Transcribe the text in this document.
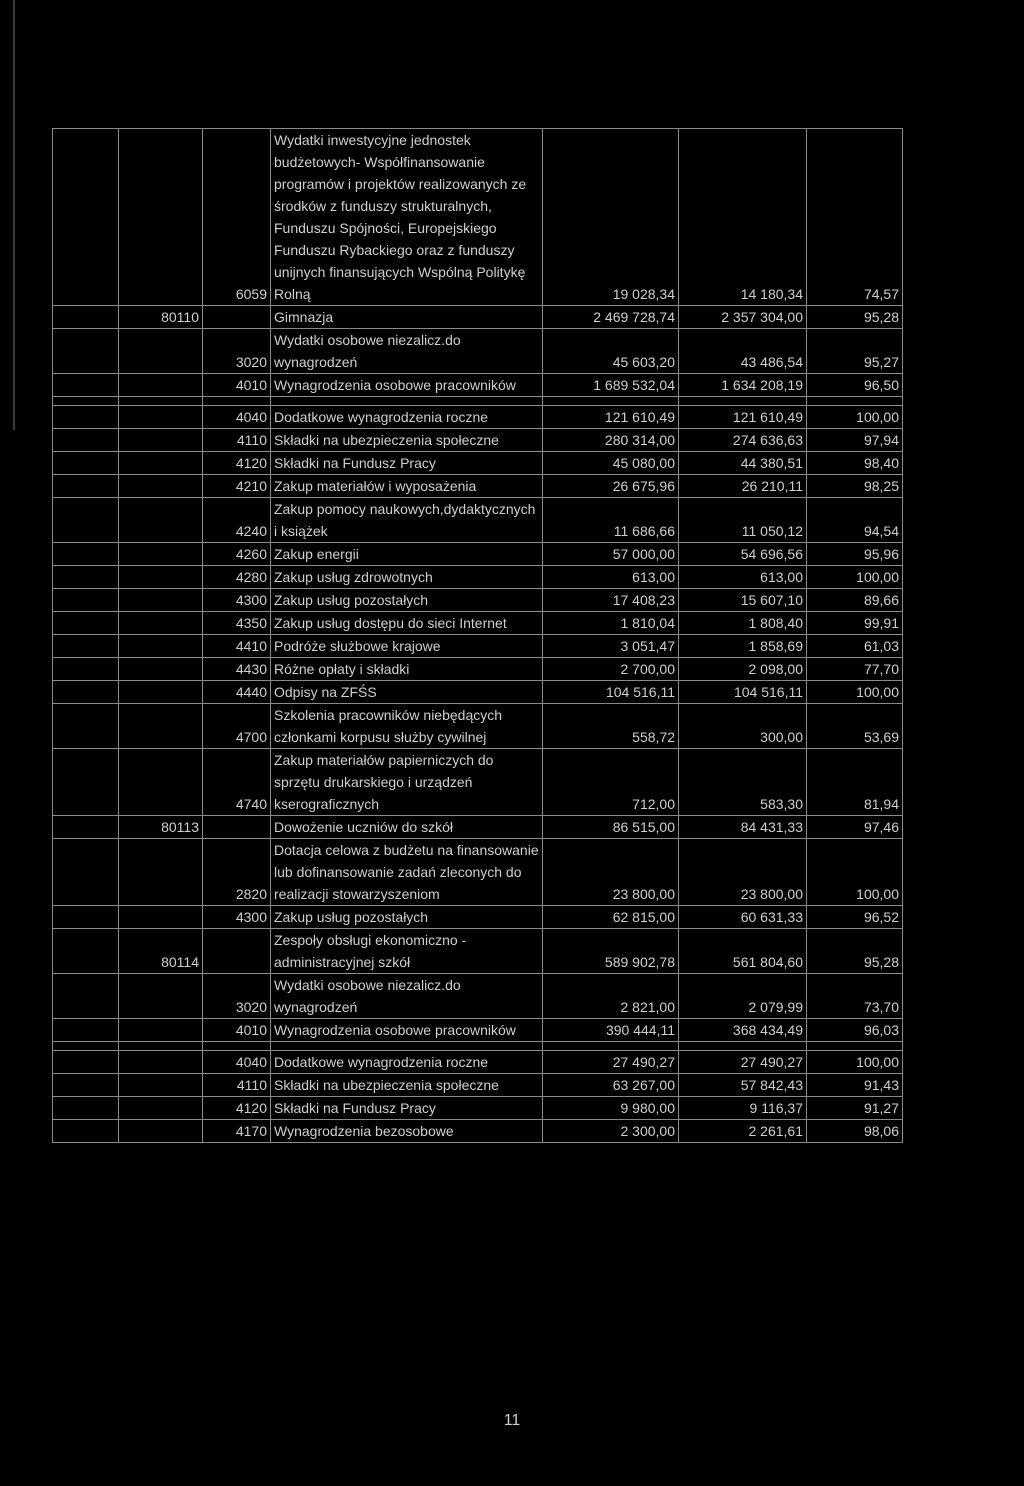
		6059	Wydatki inwestycyjne jednostek budżetowych- Współfinansowanie programów i projektów realizowanych ze środków z funduszy strukturalnych, Funduszu Spójności, Europejskiego Funduszu Rybackiego oraz z funduszy unijnych finansujących Wspólną Politykę Rolną	19 028,34	14 180,34	74,57
	80110		Gimnazja	2 469 728,74	2 357 304,00	95,28
		3020	Wydatki osobowe niezalicz.do wynagrodzeń	45 603,20	43 486,54	95,27
		4010	Wynagrodzenia osobowe pracowników	1 689 532,04	1 634 208,19	96,50

		4040	Dodatkowe wynagrodzenia roczne	121 610,49	121 610,49	100,00
		4110	Składki na ubezpieczenia społeczne	280 314,00	274 636,63	97,94
		4120	Składki na Fundusz Pracy	45 080,00	44 380,51	98,40
		4210	Zakup materiałów i wyposażenia	26 675,96	26 210,11	98,25
		4240	Zakup pomocy naukowych,dydaktycznych i książek	11 686,66	11 050,12	94,54
		4260	Zakup energii	57 000,00	54 696,56	95,96
		4280	Zakup usług zdrowotnych	613,00	613,00	100,00
		4300	Zakup usług pozostałych	17 408,23	15 607,10	89,66
		4350	Zakup usług dostępu do sieci Internet	1 810,04	1 808,40	99,91
		4410	Podróże służbowe krajowe	3 051,47	1 858,69	61,03
		4430	Różne opłaty i składki	2 700,00	2 098,00	77,70
		4440	Odpisy na ZFŚS	104 516,11	104 516,11	100,00
		4700	Szkolenia pracowników niebędących członkami korpusu służby cywilnej	558,72	300,00	53,69
		4740	Zakup materiałów papierniczych do sprzętu drukarskiego i urządzeń kserograficznych	712,00	583,30	81,94
	80113		Dowożenie uczniów do szkół	86 515,00	84 431,33	97,46
		2820	Dotacja celowa z budżetu na finansowanie lub dofinansowanie zadań zleconych do realizacji stowarzyszeniom	23 800,00	23 800,00	100,00
		4300	Zakup usług pozostałych	62 815,00	60 631,33	96,52
	80114		Zespoły obsługi ekonomiczno - administracyjnej szkół	589 902,78	561 804,60	95,28
		3020	Wydatki osobowe niezalicz.do wynagrodzeń	2 821,00	2 079,99	73,70
		4010	Wynagrodzenia osobowe pracowników	390 444,11	368 434,49	96,03

		4040	Dodatkowe wynagrodzenia roczne	27 490,27	27 490,27	100,00
		4110	Składki na ubezpieczenia społeczne	63 267,00	57 842,43	91,43
		4120	Składki na Fundusz Pracy	9 980,00	9 116,37	91,27
		4170	Wynagrodzenia bezosobowe	2 300,00	2 261,61	98,06
11
